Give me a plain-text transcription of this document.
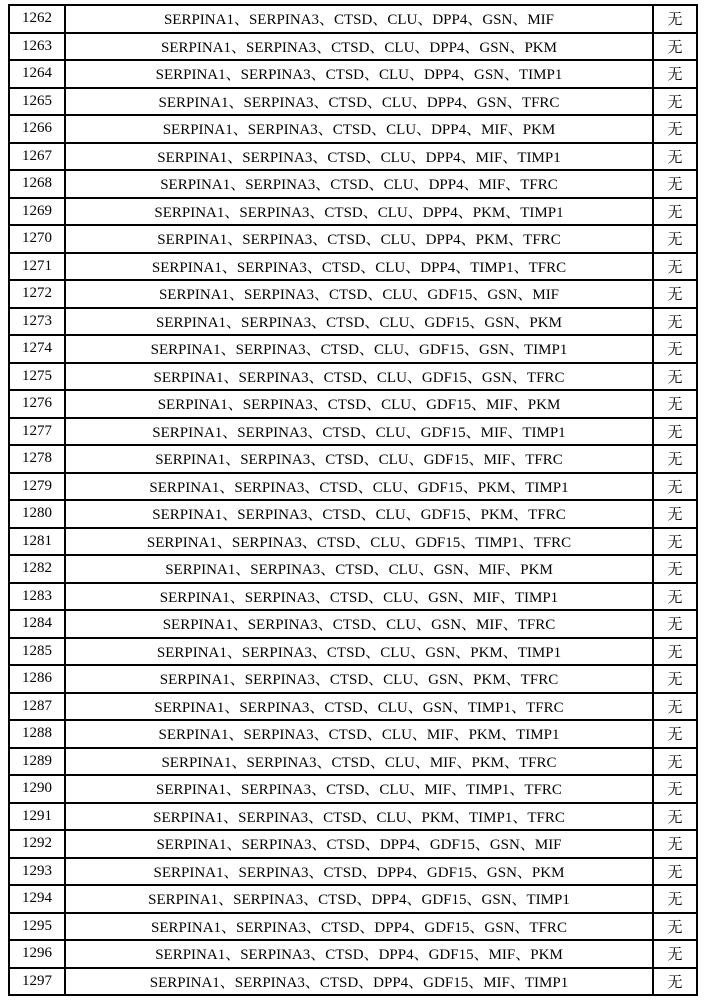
1262	SERPINA1、SERPINA3、CTSD、CLU、DPP4、GSN、MIF	无
1263	SERPINA1、SERPINA3、CTSD、CLU、DPP4、GSN、PKM	无
1264	SERPINA1、SERPINA3、CTSD、CLU、DPP4、GSN、TIMP1	无
1265	SERPINA1、SERPINA3、CTSD、CLU、DPP4、GSN、TFRC	无
1266	SERPINA1、SERPINA3、CTSD、CLU、DPP4、MIF、PKM	无
1267	SERPINA1、SERPINA3、CTSD、CLU、DPP4、MIF、TIMP1	无
1268	SERPINA1、SERPINA3、CTSD、CLU、DPP4、MIF、TFRC	无
1269	SERPINA1、SERPINA3、CTSD、CLU、DPP4、PKM、TIMP1	无
1270	SERPINA1、SERPINA3、CTSD、CLU、DPP4、PKM、TFRC	无
1271	SERPINA1、SERPINA3、CTSD、CLU、DPP4、TIMP1、TFRC	无
1272	SERPINA1、SERPINA3、CTSD、CLU、GDF15、GSN、MIF	无
1273	SERPINA1、SERPINA3、CTSD、CLU、GDF15、GSN、PKM	无
1274	SERPINA1、SERPINA3、CTSD、CLU、GDF15、GSN、TIMP1	无
1275	SERPINA1、SERPINA3、CTSD、CLU、GDF15、GSN、TFRC	无
1276	SERPINA1、SERPINA3、CTSD、CLU、GDF15、MIF、PKM	无
1277	SERPINA1、SERPINA3、CTSD、CLU、GDF15、MIF、TIMP1	无
1278	SERPINA1、SERPINA3、CTSD、CLU、GDF15、MIF、TFRC	无
1279	SERPINA1、SERPINA3、CTSD、CLU、GDF15、PKM、TIMP1	无
1280	SERPINA1、SERPINA3、CTSD、CLU、GDF15、PKM、TFRC	无
1281	SERPINA1、SERPINA3、CTSD、CLU、GDF15、TIMP1、TFRC	无
1282	SERPINA1、SERPINA3、CTSD、CLU、GSN、MIF、PKM	无
1283	SERPINA1、SERPINA3、CTSD、CLU、GSN、MIF、TIMP1	无
1284	SERPINA1、SERPINA3、CTSD、CLU、GSN、MIF、TFRC	无
1285	SERPINA1、SERPINA3、CTSD、CLU、GSN、PKM、TIMP1	无
1286	SERPINA1、SERPINA3、CTSD、CLU、GSN、PKM、TFRC	无
1287	SERPINA1、SERPINA3、CTSD、CLU、GSN、TIMP1、TFRC	无
1288	SERPINA1、SERPINA3、CTSD、CLU、MIF、PKM、TIMP1	无
1289	SERPINA1、SERPINA3、CTSD、CLU、MIF、PKM、TFRC	无
1290	SERPINA1、SERPINA3、CTSD、CLU、MIF、TIMP1、TFRC	无
1291	SERPINA1、SERPINA3、CTSD、CLU、PKM、TIMP1、TFRC	无
1292	SERPINA1、SERPINA3、CTSD、DPP4、GDF15、GSN、MIF	无
1293	SERPINA1、SERPINA3、CTSD、DPP4、GDF15、GSN、PKM	无
1294	SERPINA1、SERPINA3、CTSD、DPP4、GDF15、GSN、TIMP1	无
1295	SERPINA1、SERPINA3、CTSD、DPP4、GDF15、GSN、TFRC	无
1296	SERPINA1、SERPINA3、CTSD、DPP4、GDF15、MIF、PKM	无
1297	SERPINA1、SERPINA3、CTSD、DPP4、GDF15、MIF、TIMP1	无
